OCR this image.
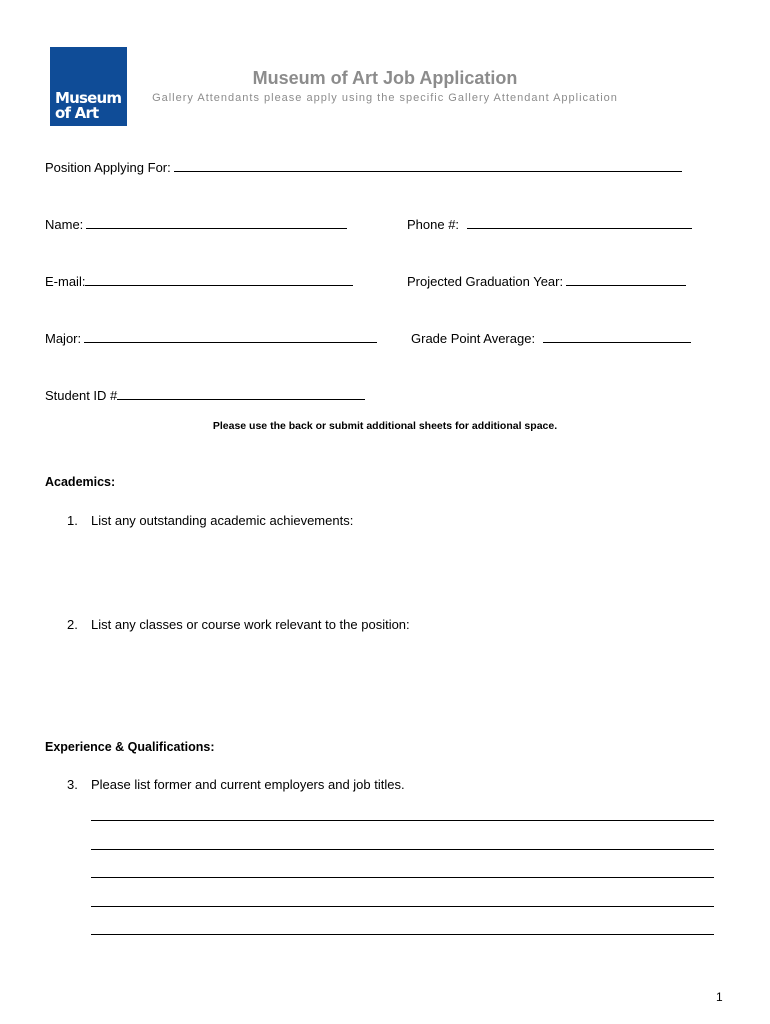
Museum
of Art
Museum of Art Job Application
Gallery Attendants please apply using the specific Gallery Attendant Application
Position Applying For:
Name:	Phone #:
E-mail:	Projected Graduation Year:
Major:	Grade Point Average:
Student ID #
Please use the back or submit additional sheets for additional space.
Academics:
1. List any outstanding academic achievements:
2. List any classes or course work relevant to the position:
Experience & Qualifications:
3. Please list former and current employers and job titles.
1
